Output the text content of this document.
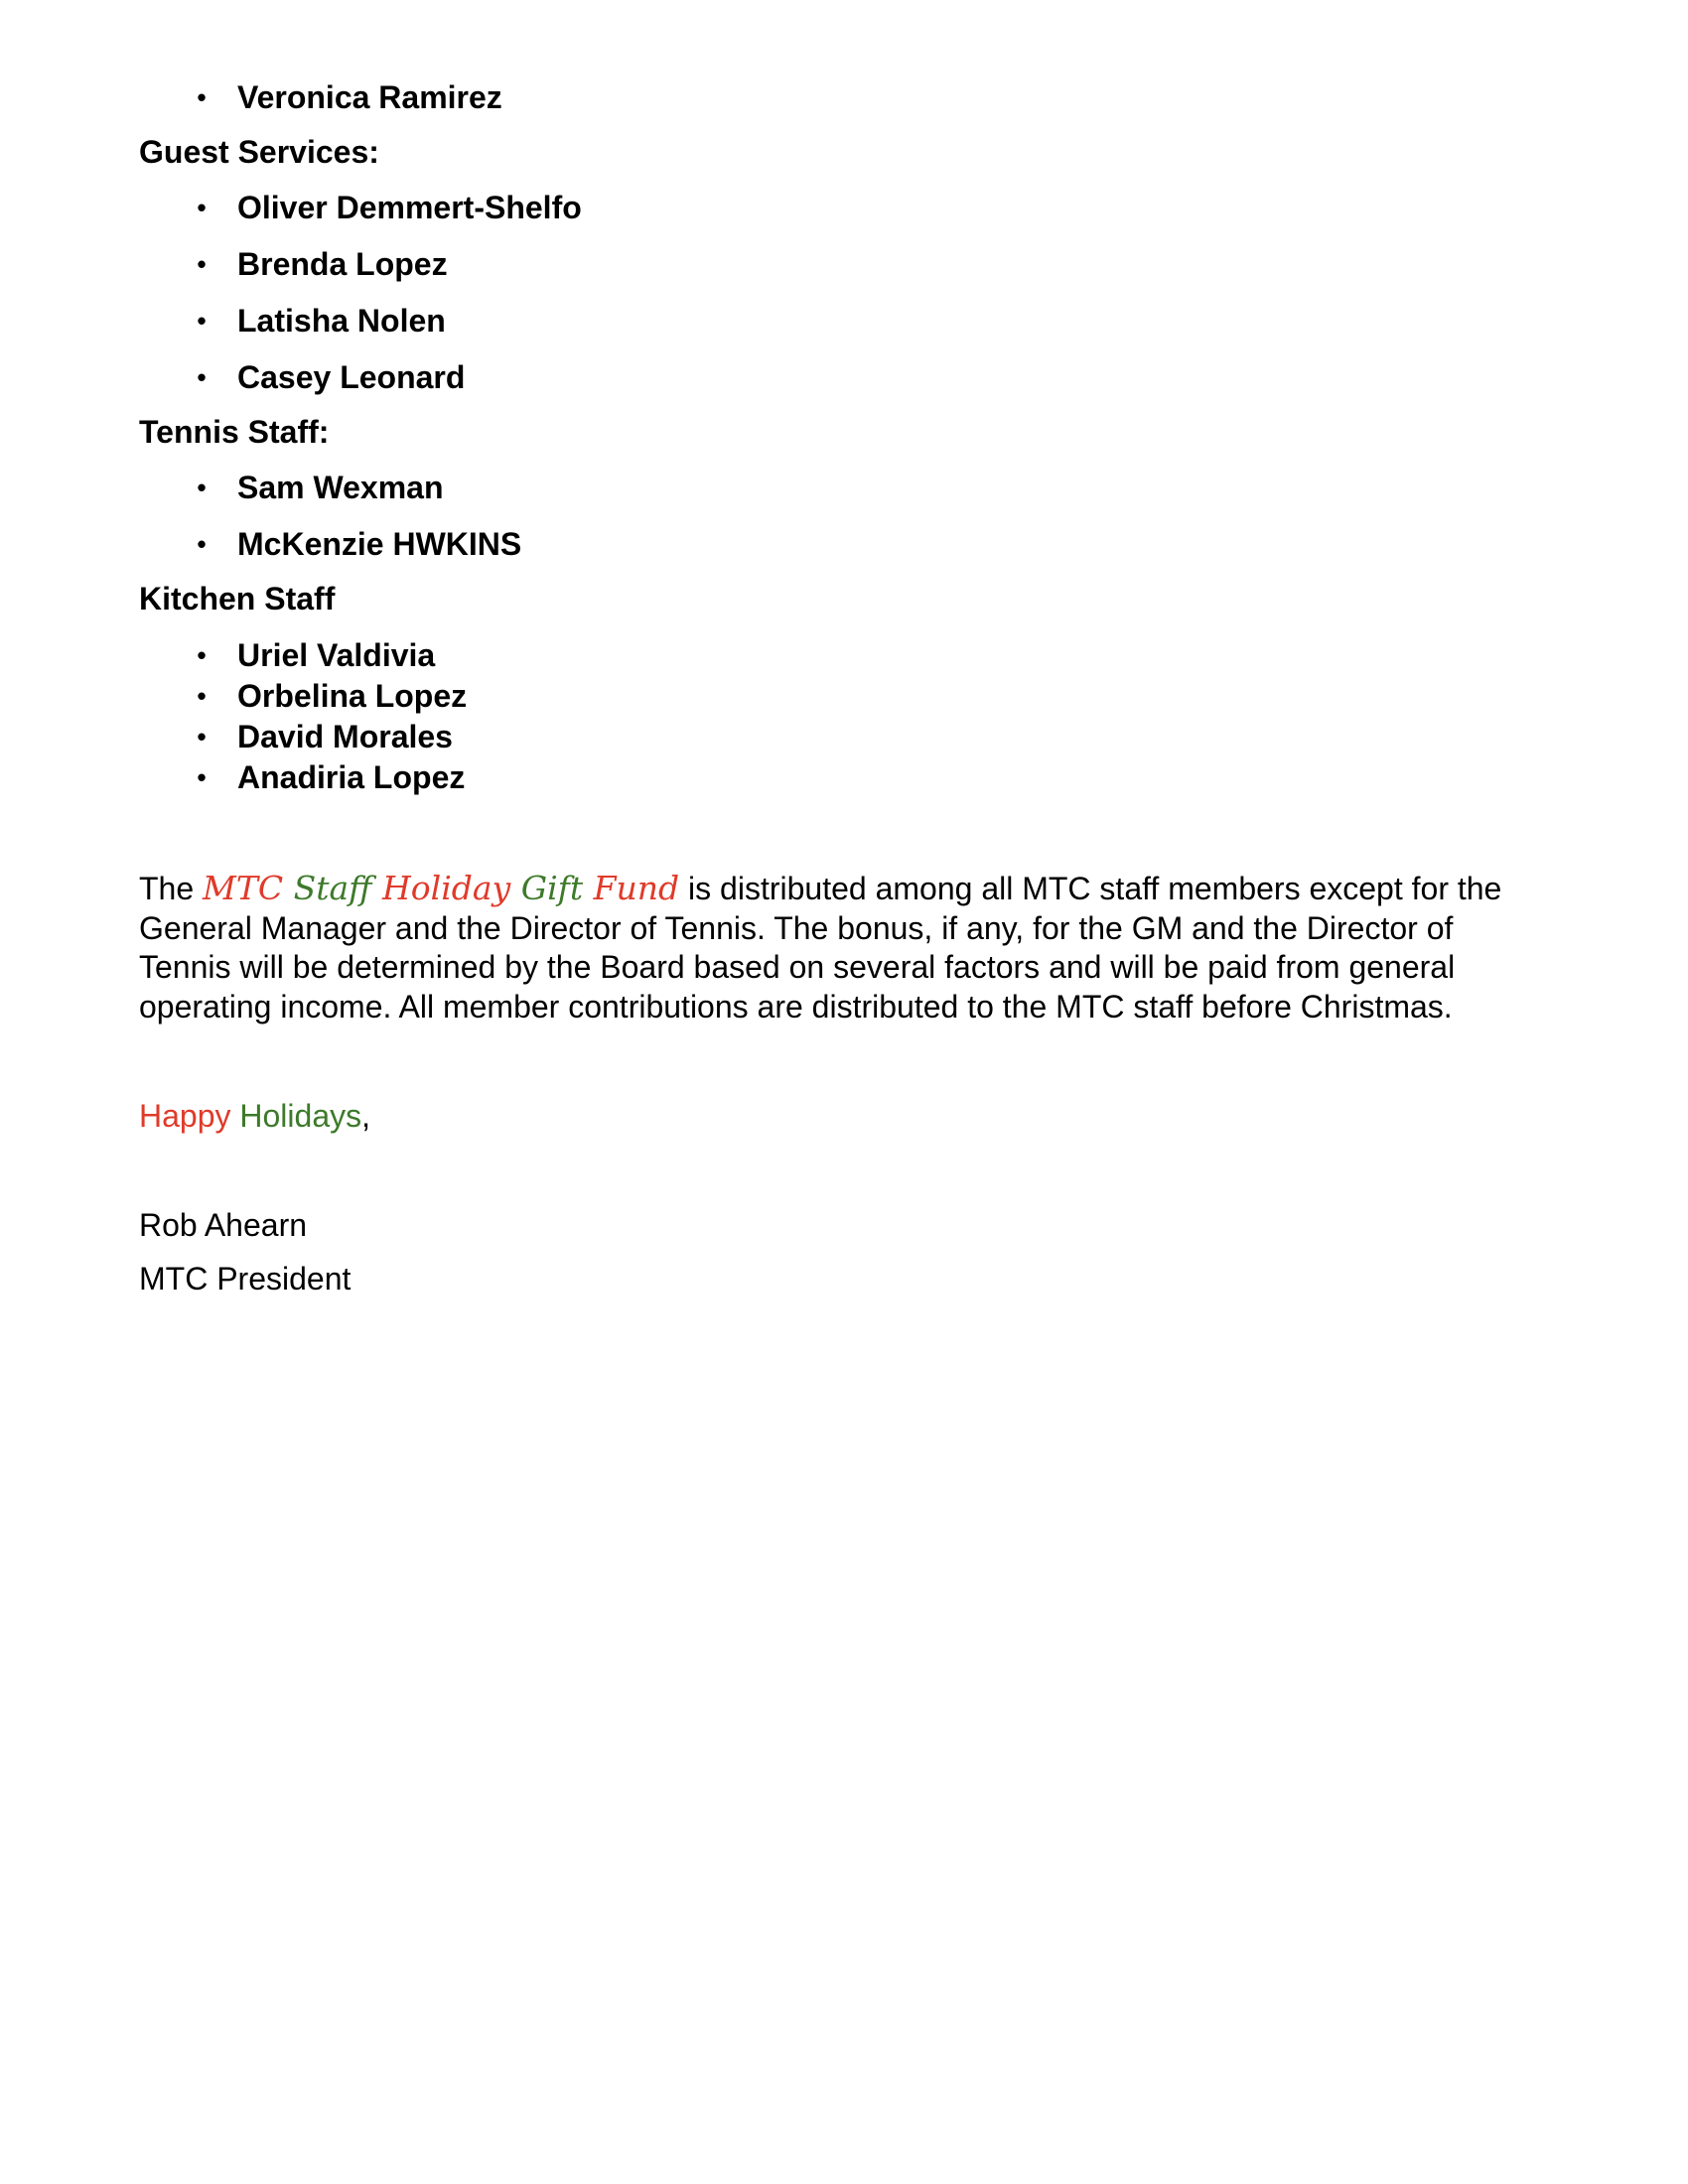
• Veronica Ramirez

Guest Services:

• Oliver Demmert-Shelfo
• Brenda Lopez
• Latisha Nolen
• Casey Leonard

Tennis Staff:

• Sam Wexman
• McKenzie HWKINS

Kitchen Staff

• Uriel Valdivia
• Orbelina Lopez
• David Morales
• Anadiria Lopez

The MTC Staff Holiday Gift Fund is distributed among all MTC staff members except for the General Manager and the Director of Tennis. The bonus, if any, for the GM and the Director of Tennis will be determined by the Board based on several factors and will be paid from general operating income. All member contributions are distributed to the MTC staff before Christmas.

Happy Holidays,

Rob Ahearn

MTC President
